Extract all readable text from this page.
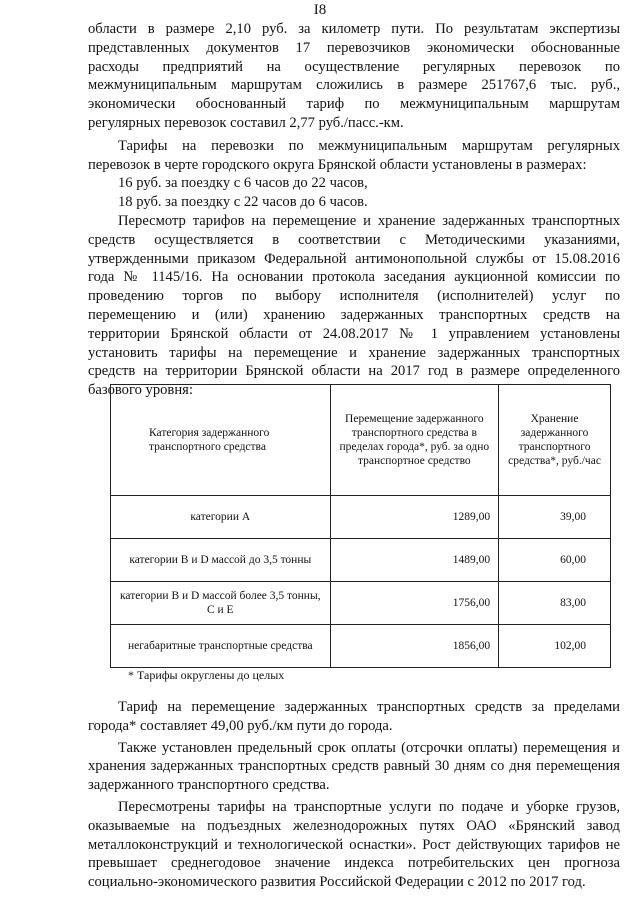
I8

области в размере 2,10 руб. за километр пути. По результатам экспертизы
представленных документов 17 перевозчиков экономически обоснованные
расходы предприятий на осуществление регулярных перевозок по
межмуниципальным маршрутам сложились в размере 251767,6 тыс. руб.,
экономически обоснованный тариф по межмуниципальным маршрутам
регулярных перевозок составил 2,77 руб./пасс.-км.

Тарифы на перевозки по межмуниципальным маршрутам регулярных
перевозок в черте городского округа Брянской области установлены в размерах:

16 руб. за поездку с 6 часов до 22 часов,
18 руб. за поездку с 22 часов до 6 часов.

Пересмотр тарифов на перемещение и хранение задержанных транспортных
средств осуществляется в соответствии с Методическими указаниями,
утвержденными приказом Федеральной антимонопольной службы от 15.08.2016
года № 1145/16. На основании протокола заседания аукционной комиссии по
проведению торгов по выбору исполнителя (исполнителей) услуг по
перемещению и (или) хранению задержанных транспортных средств на
территории Брянской области от 24.08.2017 № 1 управлением установлены
установить тарифы на перемещение и хранение задержанных транспортных
средств на территории Брянской области на 2017 год в размере определенного
базового уровня:

Категория задержанного транспортного средства	Перемещение задержанного транспортного средства в пределах города*, руб. за одно транспортное средство	Хранение задержанного транспортного средства*, руб./час
категории А	1289,00	39,00
категории В и D массой до 3,5 тонны	1489,00	60,00
категории В и D массой более 3,5 тонны, С и Е	1756,00	83,00
негабаритные транспортные средства	1856,00	102,00
* Тарифы округлены до целых

Тариф на перемещение задержанных транспортных средств за пределами города* составляет 49,00 руб./км пути до города.

Также установлен предельный срок оплаты (отсрочки оплаты) перемещения и хранения задержанных транспортных средств равный 30 дням со дня перемещения задержанного транспортного средства.

Пересмотрены тарифы на транспортные услуги по подаче и уборке грузов, оказываемые на подъездных железнодорожных путях ОАО «Брянский завод металлоконструкций и технологической оснастки». Рост действующих тарифов не превышает среднегодовое значение индекса потребительских цен прогноза социально-экономического развития Российской Федерации с 2012 по 2017 год.
